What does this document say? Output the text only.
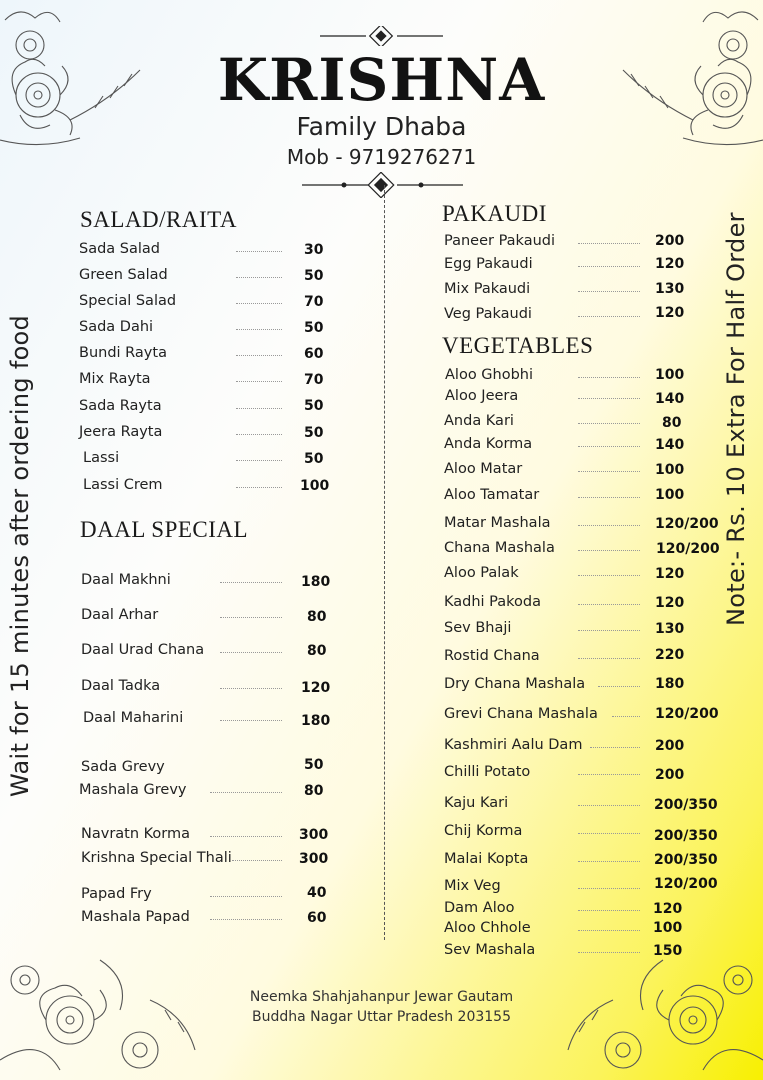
KRISHNA
Family Dhaba
Mob - 9719276271
Wait for 15 minutes after ordering food	Note:- Rs. 10 Extra For Half Order
SALAD/RAITA
Sada Salad	30
Green Salad	50
Special Salad	70
Sada Dahi	50
Bundi Rayta	60
Mix Rayta	70
Sada Rayta	50
Jeera Rayta	50
Lassi	50
Lassi Crem	100
DAAL SPECIAL
Daal Makhni	180
Daal Arhar	80
Daal Urad Chana	80
Daal Tadka	120
Daal Maharini	180
Sada Grevy	50
Mashala Grevy	80
Navratn Korma	300
Krishna Special Thali	300
Papad Fry	40
Mashala Papad	60
PAKAUDI
Paneer Pakaudi	200
Egg Pakaudi	120
Mix Pakaudi	130
Veg Pakaudi	120
VEGETABLES
Aloo Ghobhi	100
Aloo Jeera	140
Anda Kari	80
Anda Korma	140
Aloo Matar	100
Aloo Tamatar	100
Matar Mashala	120/200
Chana Mashala	120/200
Aloo Palak	120
Kadhi Pakoda	120
Sev Bhaji	130
Rostid Chana	220
Dry Chana Mashala	180
Grevi Chana Mashala	120/200
Kashmiri Aalu Dam	200
Chilli Potato	200
Kaju Kari	200/350
Chij Korma	200/350
Malai Kopta	200/350
Mix Veg	120/200
Dam Aloo	120
Aloo Chhole	100
Sev Mashala	150
Neemka Shahjahanpur Jewar Gautam
Buddha Nagar Uttar Pradesh 203155
